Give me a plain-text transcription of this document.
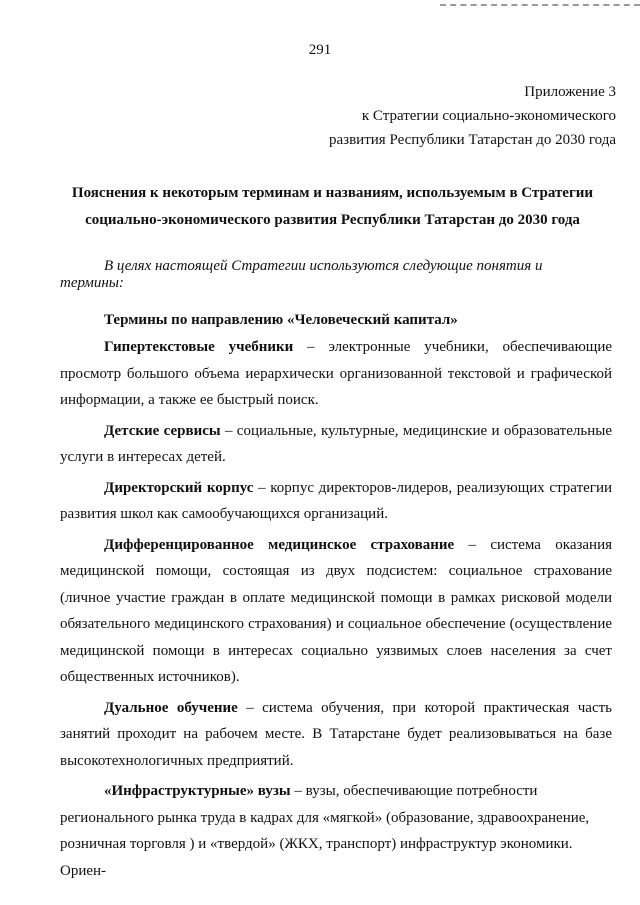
291
Приложение 3
к Стратегии социально-экономического
развития Республики Татарстан до 2030 года
Пояснения к некоторым терминам и названиям, используемым в Стратегии
социально-экономического развития Республики Татарстан до 2030 года
В целях настоящей Стратегии используются следующие понятия и термины:
Термины по направлению «Человеческий капитал»

Гипертекстовые учебники – электронные учебники, обеспечивающие просмотр большого объема иерархически организованной текстовой и графической информации, а также ее быстрый поиск.

Детские сервисы – социальные, культурные, медицинские и образовательные услуги в интересах детей.

Директорский корпус – корпус директоров-лидеров, реализующих стратегии развития школ как самообучающихся организаций.

Дифференцированное медицинское страхование – система оказания медицинской помощи, состоящая из двух подсистем: социальное страхование (личное участие граждан в оплате медицинской помощи в рамках рисковой модели обязательного медицинского страхования) и социальное обеспечение (осуществление медицинской помощи в интересах социально уязвимых слоев населения за счет общественных источников).

Дуальное обучение – система обучения, при которой практическая часть занятий проходит на рабочем месте. В Татарстане будет реализовываться на базе высокотехнологичных предприятий.

«Инфраструктурные» вузы – вузы, обеспечивающие потребности регионального рынка труда в кадрах для «мягкой» (образование, здравоохранение, розничная торговля ) и «твердой» (ЖКХ, транспорт) инфраструктур экономики. Ориен-
